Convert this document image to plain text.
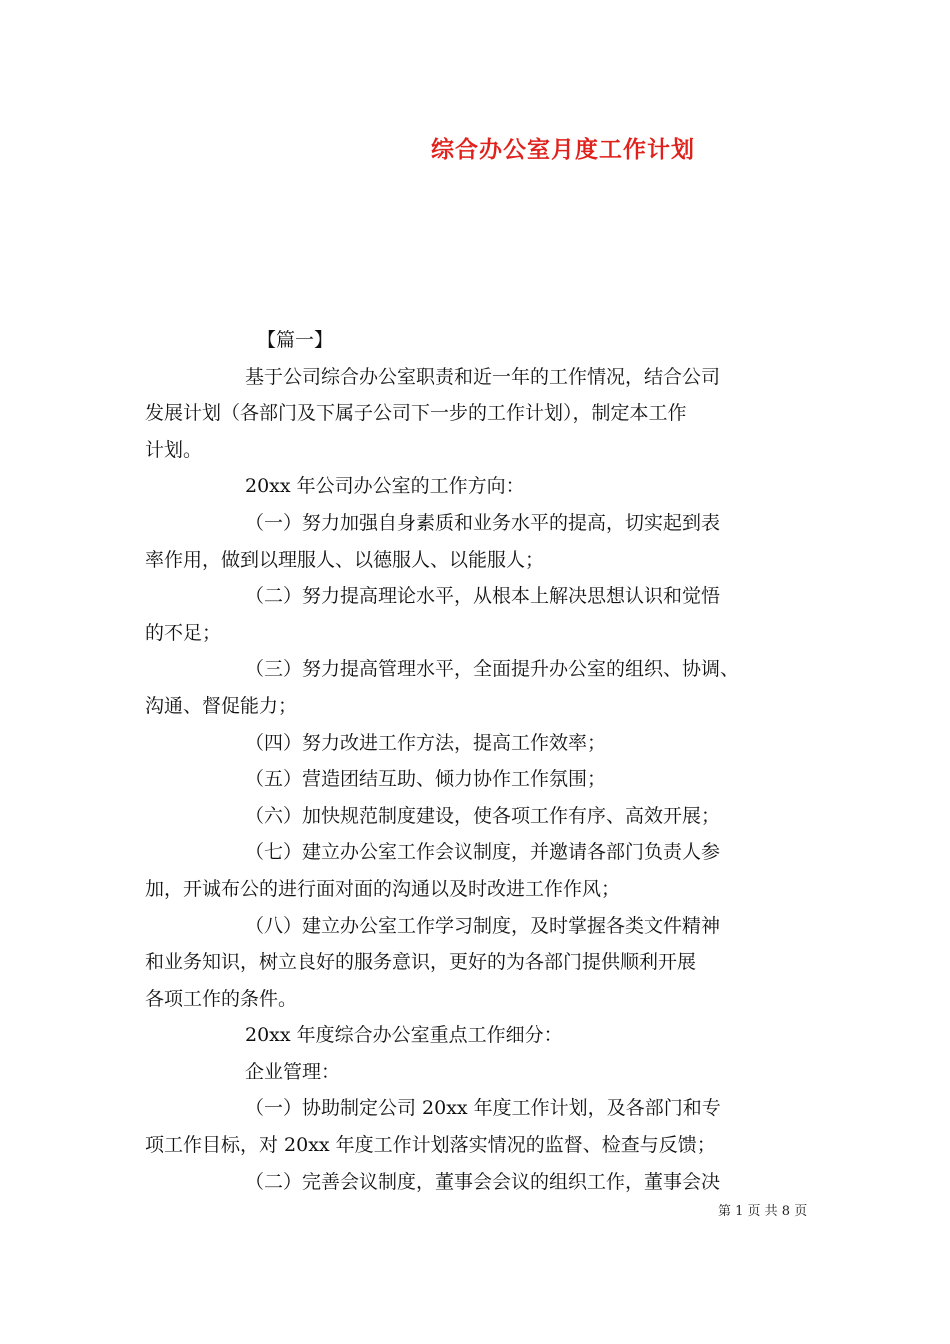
综合办公室月度工作计划

【篇一】

基于公司综合办公室职责和近一年的工作情况，结合公司

发展计划（各部门及下属子公司下一步的工作计划），制定本工作

计划。

20xx 年公司办公室的工作方向：

（一）努力加强自身素质和业务水平的提高，切实起到表

率作用，做到以理服人、以德服人、以能服人；

（二）努力提高理论水平，从根本上解决思想认识和觉悟

的不足；

（三）努力提高管理水平，全面提升办公室的组织、协调、

沟通、督促能力；

（四）努力改进工作方法，提高工作效率；

（五）营造团结互助、倾力协作工作氛围；

（六）加快规范制度建设，使各项工作有序、高效开展；

（七）建立办公室工作会议制度，并邀请各部门负责人参

加，开诚布公的进行面对面的沟通以及时改进工作作风；

（八）建立办公室工作学习制度，及时掌握各类文件精神

和业务知识，树立良好的服务意识，更好的为各部门提供顺利开展

各项工作的条件。

20xx 年度综合办公室重点工作细分：

企业管理：

（一）协助制定公司 20xx 年度工作计划，及各部门和专

项工作目标，对 20xx 年度工作计划落实情况的监督、检查与反馈；

（二）完善会议制度，董事会会议的组织工作，董事会决

第 1 页 共 8 页
